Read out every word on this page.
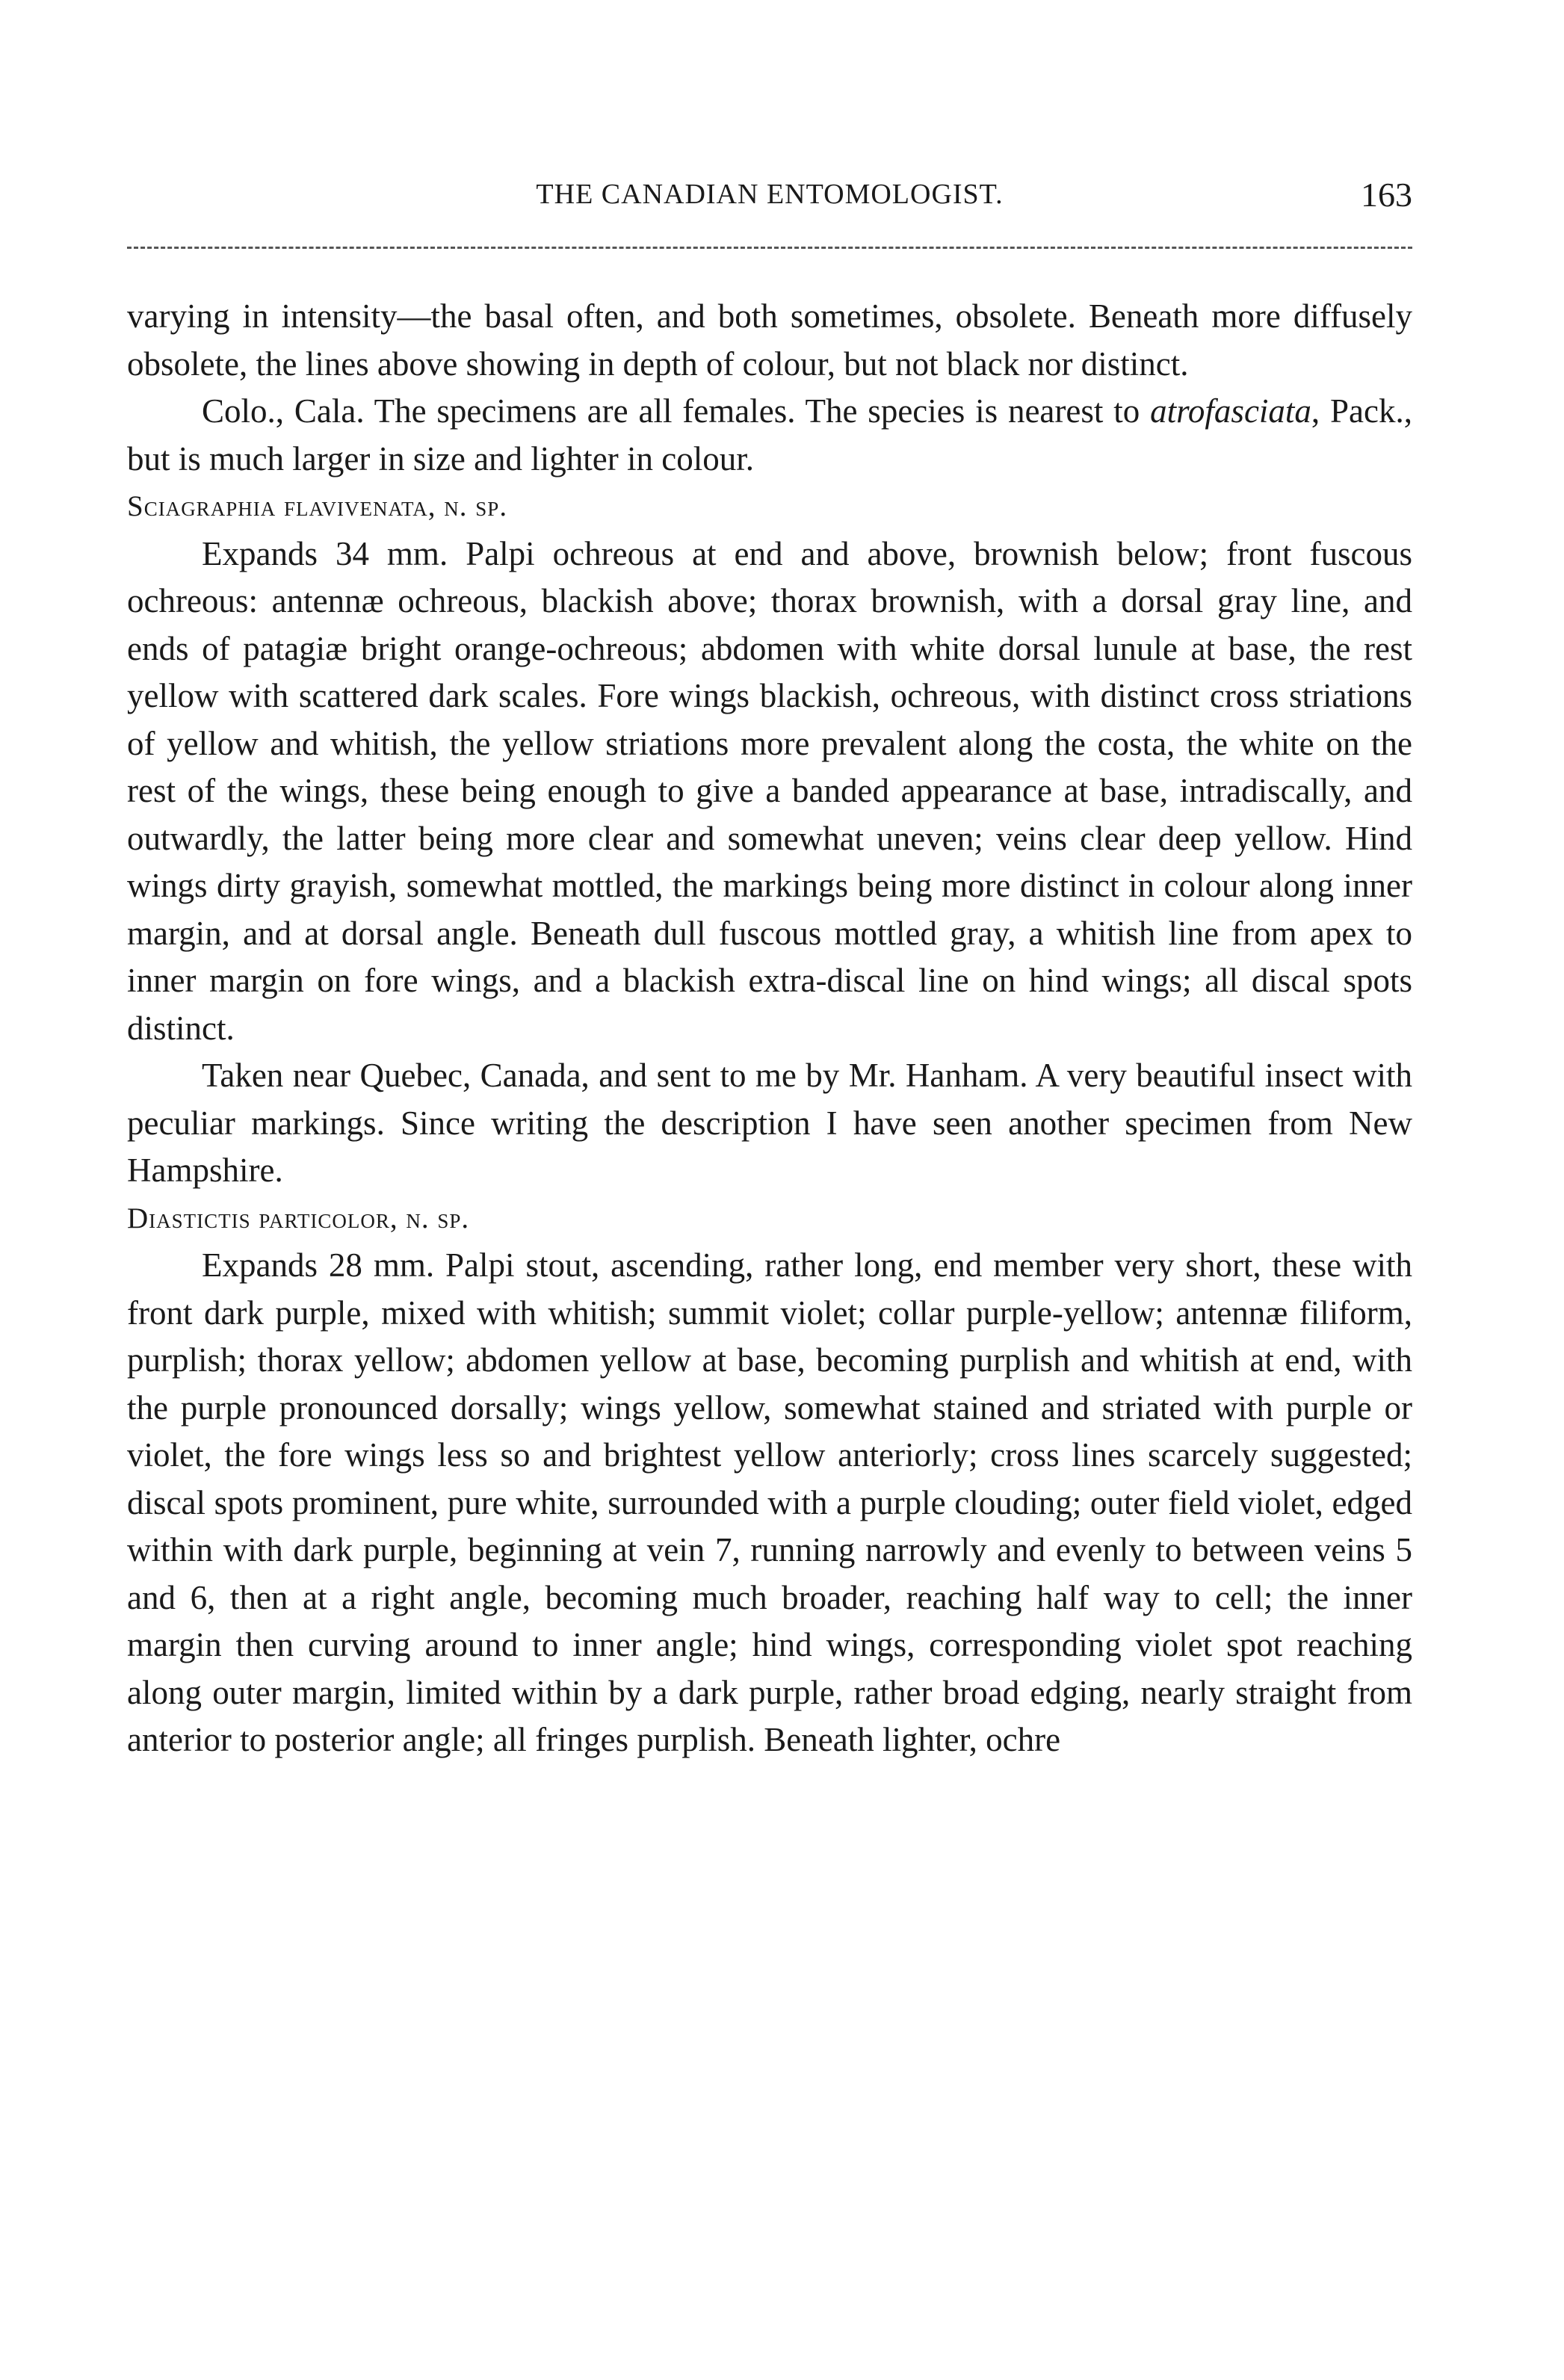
THE CANADIAN ENTOMOLOGIST.	163

varying in intensity—the basal often, and both sometimes, obsolete. Beneath more diffusely obsolete, the lines above showing in depth of colour, but not black nor distinct.

Colo., Cala. The specimens are all females. The species is nearest to atrofasciata, Pack., but is much larger in size and lighter in colour.

Sciagraphia flavivenata, n. sp.

Expands 34 mm. Palpi ochreous at end and above, brownish below; front fuscous ochreous: antennæ ochreous, blackish above; thorax brownish, with a dorsal gray line, and ends of patagiæ bright orange-ochreous; abdomen with white dorsal lunule at base, the rest yellow with scattered dark scales. Fore wings blackish, ochreous, with distinct cross striations of yellow and whitish, the yellow striations more prevalent along the costa, the white on the rest of the wings, these being enough to give a banded appearance at base, intradiscally, and outwardly, the latter being more clear and somewhat uneven; veins clear deep yellow. Hind wings dirty grayish, somewhat mottled, the markings being more distinct in colour along inner margin, and at dorsal angle. Beneath dull fuscous mottled gray, a whitish line from apex to inner margin on fore wings, and a blackish extra-discal line on hind wings; all discal spots distinct.

Taken near Quebec, Canada, and sent to me by Mr. Hanham. A very beautiful insect with peculiar markings. Since writing the description I have seen another specimen from New Hampshire.

Diastictis particolor, n. sp.

Expands 28 mm. Palpi stout, ascending, rather long, end member very short, these with front dark purple, mixed with whitish; summit violet; collar purple-yellow; antennæ filiform, purplish; thorax yellow; abdomen yellow at base, becoming purplish and whitish at end, with the purple pronounced dorsally; wings yellow, somewhat stained and striated with purple or violet, the fore wings less so and brightest yellow anteriorly; cross lines scarcely suggested; discal spots prominent, pure white, surrounded with a purple clouding; outer field violet, edged within with dark purple, beginning at vein 7, running narrowly and evenly to between veins 5 and 6, then at a right angle, becoming much broader, reaching half way to cell; the inner margin then curving around to inner angle; hind wings, corresponding violet spot reaching along outer margin, limited within by a dark purple, rather broad edging, nearly straight from anterior to posterior angle; all fringes purplish. Beneath lighter, ochre
